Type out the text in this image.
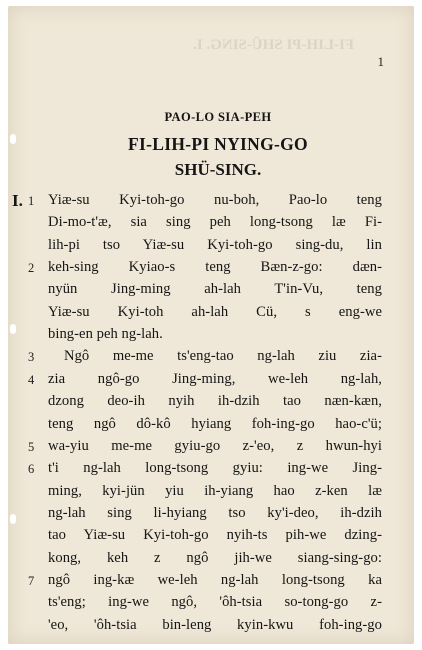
FI-LIH-PI SHÜ-SING. I.
1
PAO-LO SIA-PEH
FI-LIH-PI NYING-GO
SHÜ-SING.
I. 1 Yiæ-su Kyi-toh-go nu-boh, Pao-lo teng
Di-mo-t'æ, sia sing peh long-tsong læ Fi-
lih-pi tso Yiæ-su Kyi-toh-go sing-du, lin
2 keh-sing Kyiao-s teng Bæn-z-go: dæn-
nyün Jing-ming ah-lah T'in-Vu, teng
Yiæ-su Kyi-toh ah-lah Cü, s eng-we
bing-en peh ng-lah.
3 Ngô me-me ts'eng-tao ng-lah ziu zia-
4 zia ngô-go Jing-ming, we-leh ng-lah,
dzong deo-ih nyih ih-dzih tao næn-kæn,
teng ngô dô-kô hyiang foh-ing-go hao-c'ü;
5 wa-yiu me-me gyiu-go z-'eo, z hwun-hyi
6 t'i ng-lah long-tsong gyiu: ing-we Jing-
ming, kyi-jün yiu ih-yiang hao z-ken læ
ng-lah sing li-hyiang tso ky'i-deo, ih-dzih
tao Yiæ-su Kyi-toh-go nyih-ts pih-we dzing-
kong, keh z ngô jih-we siang-sing-go:
7 ngô ing-kæ we-leh ng-lah long-tsong ka
ts'eng; ing-we ngô, 'ôh-tsia so-tong-go z-
'eo, 'ôh-tsia bin-leng kyin-kwu foh-ing-go
